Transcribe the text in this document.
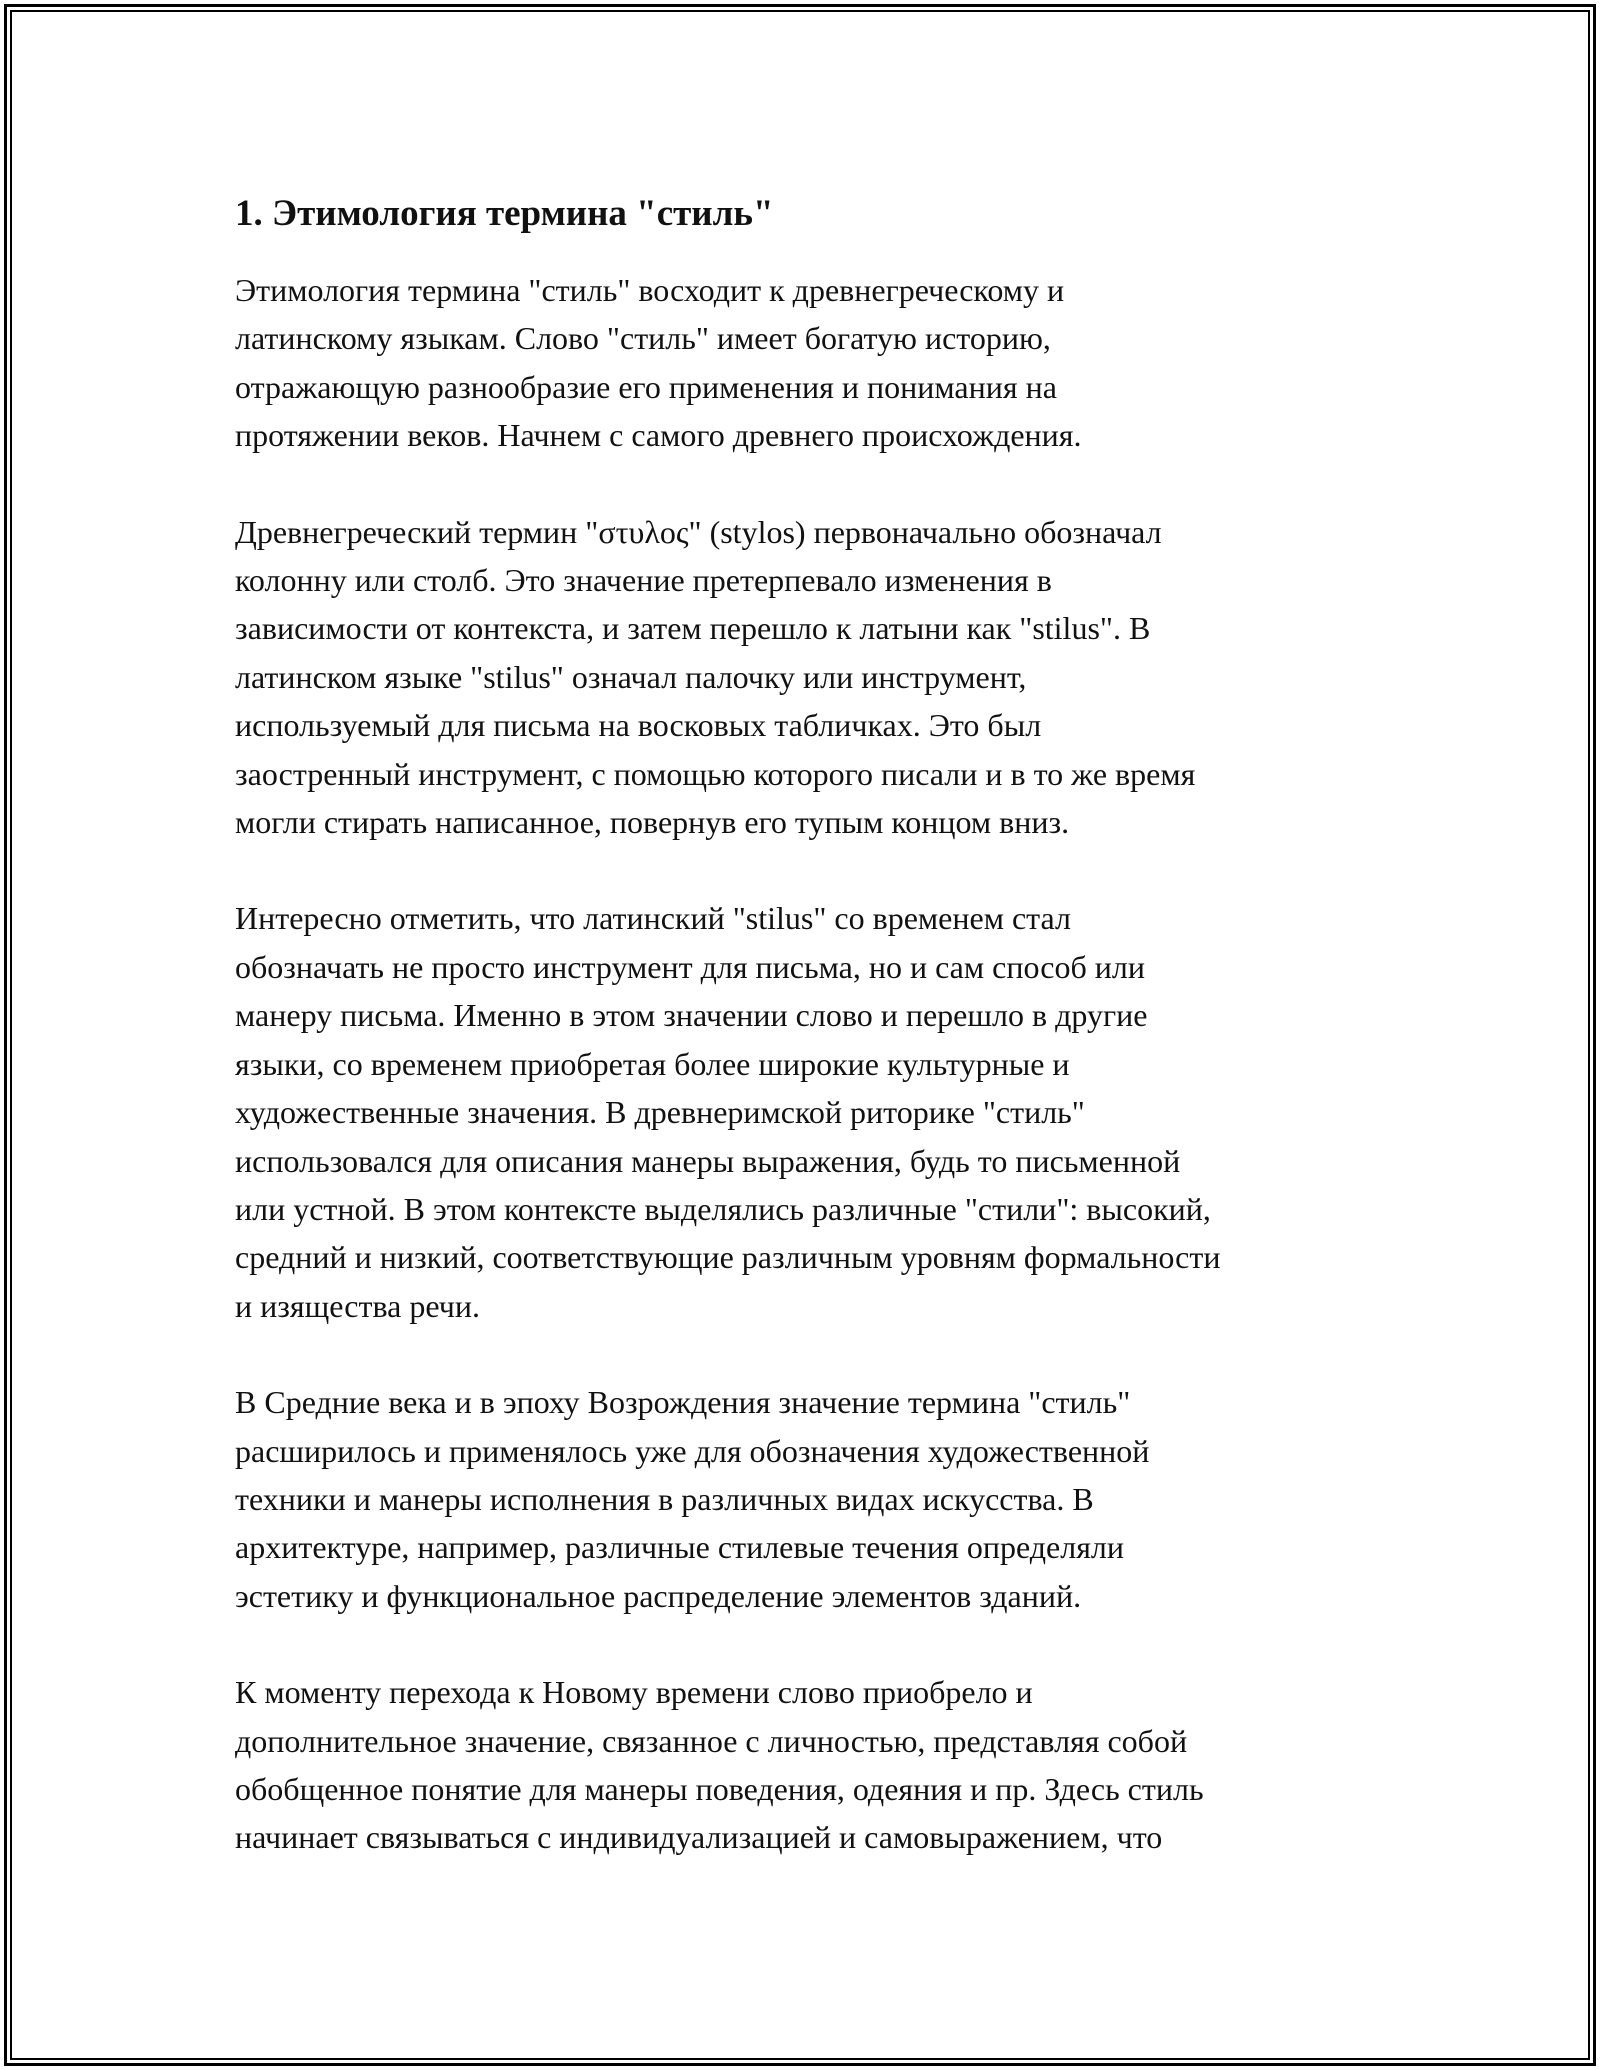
1. Этимология термина "стиль"

Этимология термина "стиль" восходит к древнегреческому и
латинскому языкам. Слово "стиль" имеет богатую историю,
отражающую разнообразие его применения и понимания на
протяжении веков. Начнем с самого древнего происхождения.

Древнегреческий термин "στυλος" (stylos) первоначально обозначал
колонну или столб. Это значение претерпевало изменения в
зависимости от контекста, и затем перешло к латыни как "stilus". В
латинском языке "stilus" означал палочку или инструмент,
используемый для письма на восковых табличках. Это был
заостренный инструмент, с помощью которого писали и в то же время
могли стирать написанное, повернув его тупым концом вниз.

Интересно отметить, что латинский "stilus" со временем стал
обозначать не просто инструмент для письма, но и сам способ или
манеру письма. Именно в этом значении слово и перешло в другие
языки, со временем приобретая более широкие культурные и
художественные значения. В древнеримской риторике "стиль"
использовался для описания манеры выражения, будь то письменной
или устной. В этом контексте выделялись различные "стили": высокий,
средний и низкий, соответствующие различным уровням формальности
и изящества речи.

В Средние века и в эпоху Возрождения значение термина "стиль"
расширилось и применялось уже для обозначения художественной
техники и манеры исполнения в различных видах искусства. В
архитектуре, например, различные стилевые течения определяли
эстетику и функциональное распределение элементов зданий.

К моменту перехода к Новому времени слово приобрело и
дополнительное значение, связанное с личностью, представляя собой
обобщенное понятие для манеры поведения, одеяния и пр. Здесь стиль
начинает связываться с индивидуализацией и самовыражением, что
